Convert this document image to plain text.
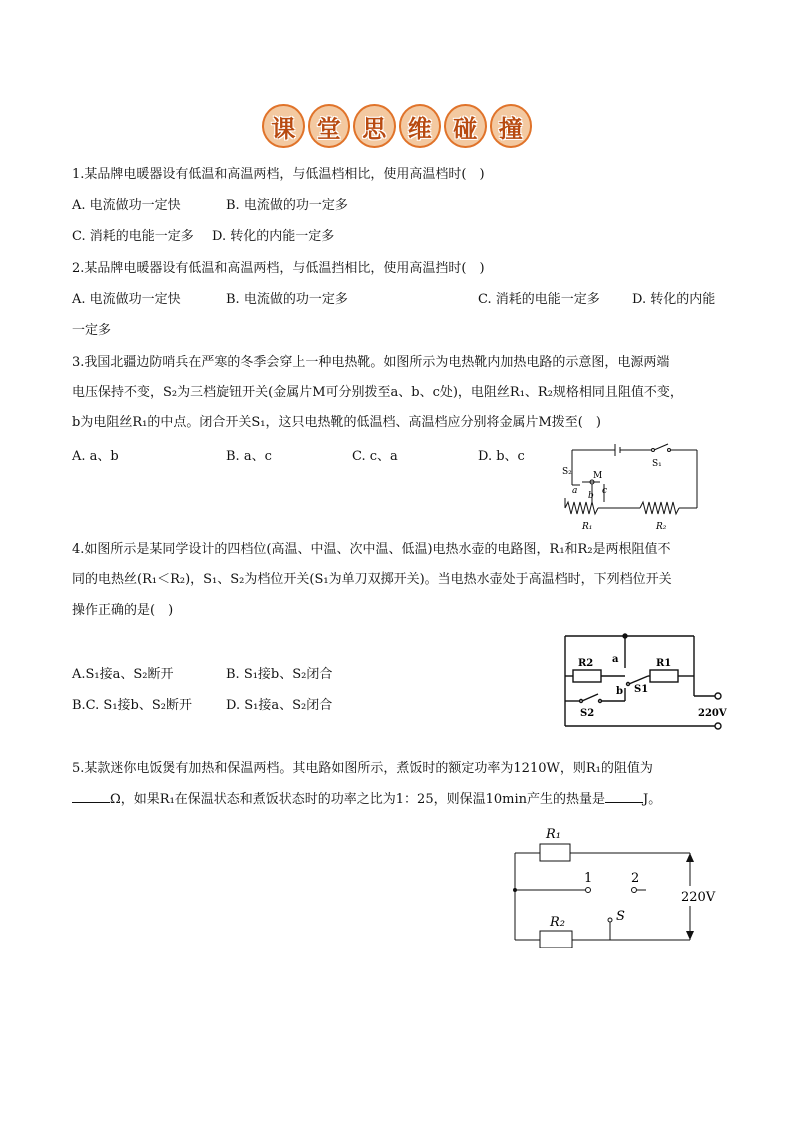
课 堂 思 维 碰 撞
1.某品牌电暖器设有低温和高温两档，与低温档相比，使用高温档时(　)
A. 电流做功一定快	B. 电流做的功一定多
C. 消耗的电能一定多 D. 转化的内能一定多
2.某品牌电暖器设有低温和高温两档，与低温挡相比，使用高温挡时(　)
A. 电流做功一定快	B. 电流做的功一定多	C. 消耗的电能一定多 D. 转化的内能
一定多
3.我国北疆边防哨兵在严寒的冬季会穿上一种电热靴。如图所示为电热靴内加热电路的示意图，电源两端
电压保持不变，S₂为三档旋钮开关(金属片M可分别拨至a、b、c处)，电阻丝R₁、R₂规格相同且阻值不变，
b为电阻丝R₁的中点。闭合开关S₁，这只电热靴的低温档、高温档应分别将金属片M拨至(　)
A. a、b	B. a、c	C. c、a	D. b、c
S₂ M
S₁
a b c
R₁	R₂
4.如图所示是某同学设计的四档位(高温、中温、次中温、低温)电热水壶的电路图，R₁和R₂是两根阻值不
同的电热丝(R₁＜R₂)，S₁、S₂为档位开关(S₁为单刀双掷开关)。当电热水壶处于高温档时，下列档位开关
操作正确的是(　)
A.S₁接a、S₂断开	B. S₁接b、S₂闭合
B.C. S₁接b、S₂断开	D. S₁接a、S₂闭合
R2	R1
a
b S1
S2	220V
5.某款迷你电饭煲有加热和保温两档。其电路如图所示，煮饭时的额定功率为1210W，则R₁的阻值为
Ω，如果R₁在保温状态和煮饭状态时的功率之比为1：25，则保温10min产生的热量是	J。
R₁
R₂
1	2
S
220V
